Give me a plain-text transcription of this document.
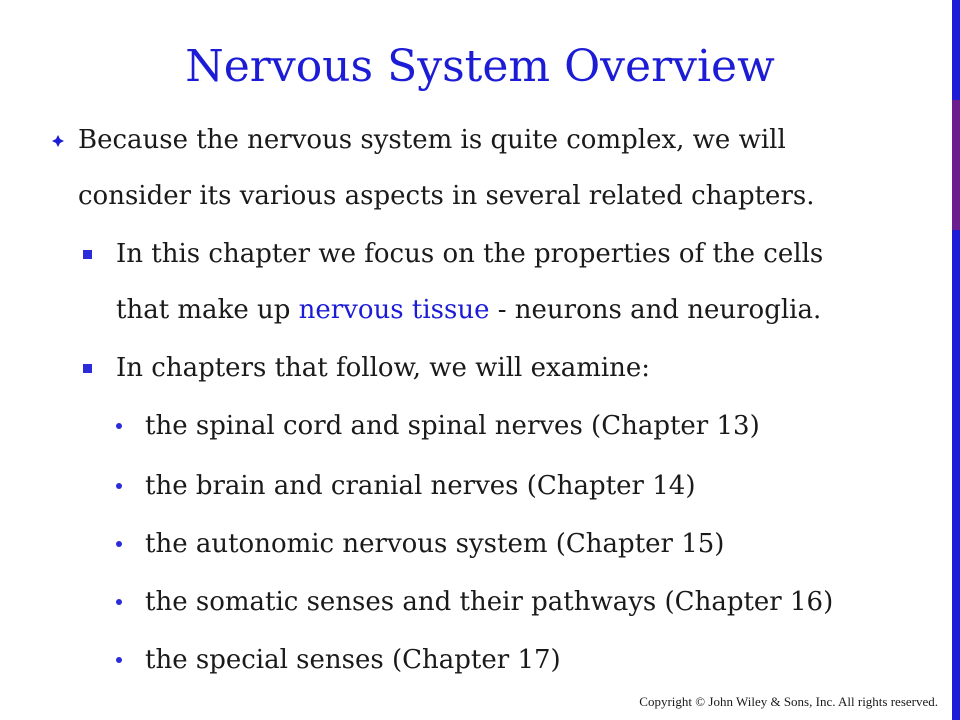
Nervous System Overview
Because the nervous system is quite complex, we will
consider its various aspects in several related chapters.
In this chapter we focus on the properties of the cells
that make up nervous tissue - neurons and neuroglia.
In chapters that follow, we will examine:
the spinal cord and spinal nerves (Chapter 13)
the brain and cranial nerves (Chapter 14)
the autonomic nervous system (Chapter 15)
the somatic senses and their pathways (Chapter 16)
the special senses (Chapter 17)
Copyright © John Wiley & Sons, Inc. All rights reserved.
